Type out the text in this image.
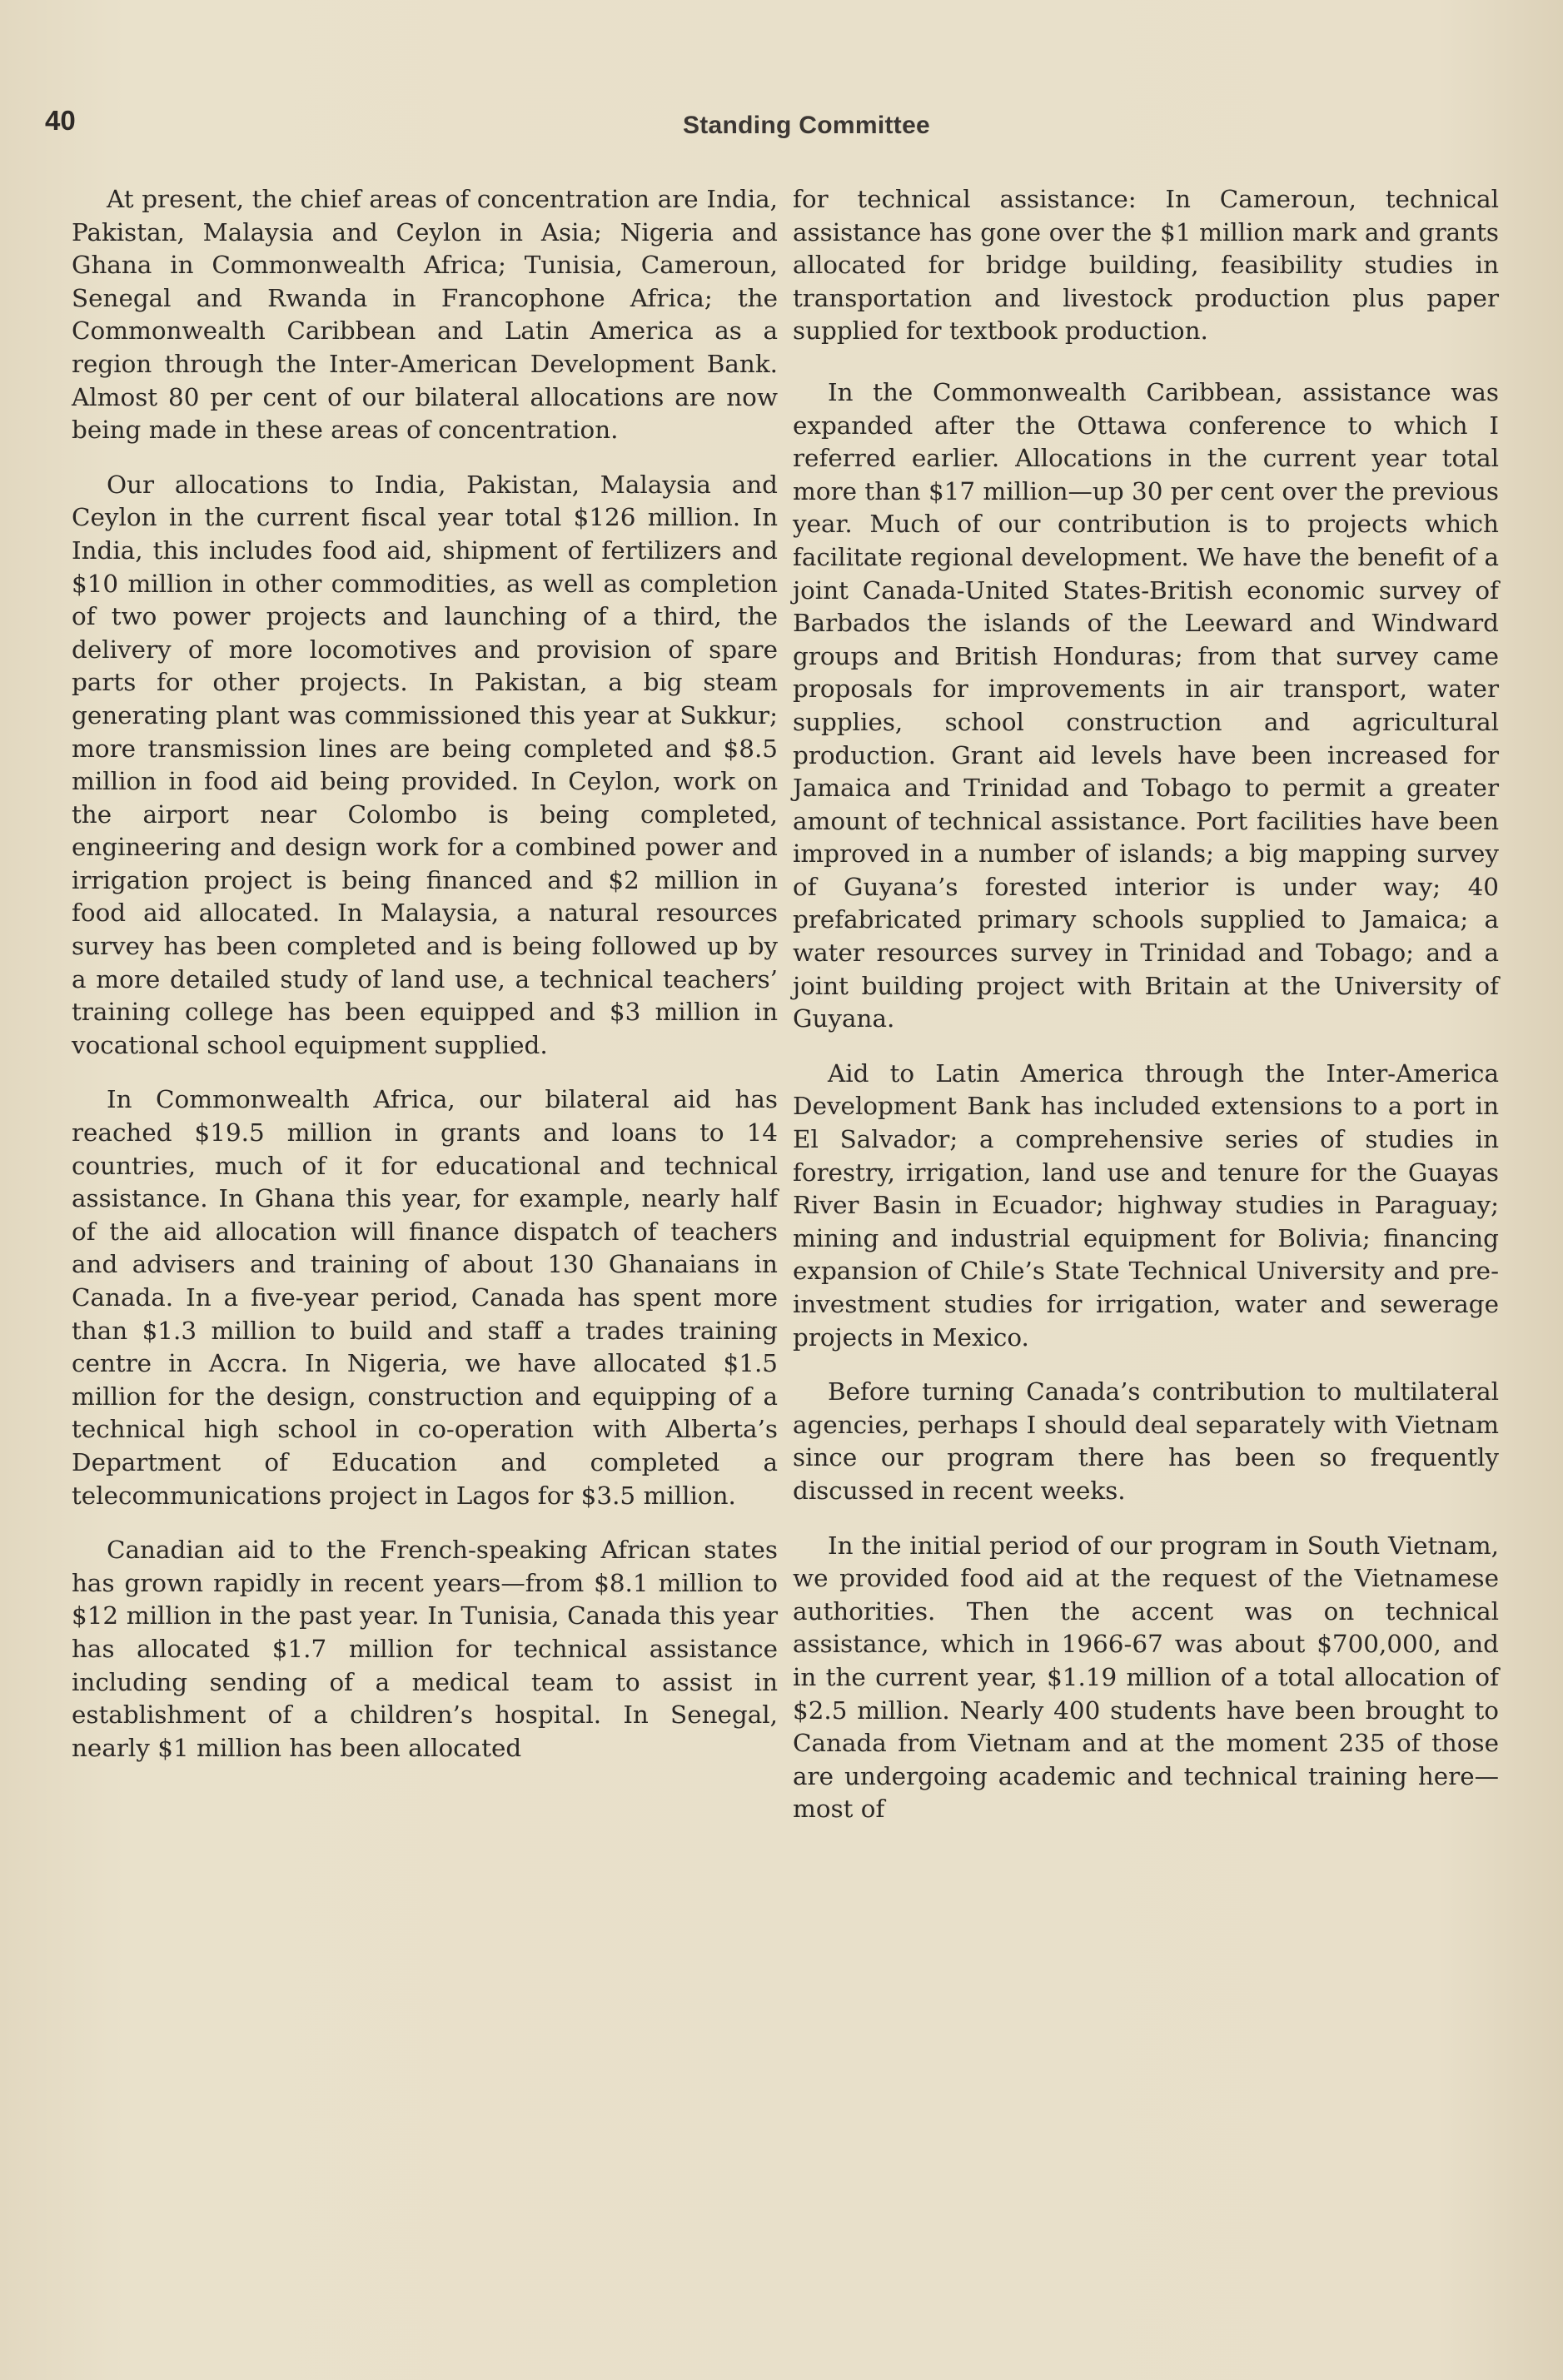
40	Standing Committee

At present, the chief areas of concentration are India, Pakistan, Malaysia and Ceylon in Asia; Nigeria and Ghana in Commonwealth Africa; Tunisia, Cameroun, Senegal and Rwanda in Francophone Africa; the Commonwealth Caribbean and Latin America as a region through the Inter-American Development Bank. Almost 80 per cent of our bilateral allocations are now being made in these areas of concentration.

Our allocations to India, Pakistan, Malaysia and Ceylon in the current fiscal year total $126 million. In India, this includes food aid, shipment of fertilizers and $10 million in other commodities, as well as completion of two power projects and launching of a third, the delivery of more locomotives and provision of spare parts for other projects. In Pakistan, a big steam generating plant was commissioned this year at Sukkur; more transmission lines are being completed and $8.5 million in food aid being provided. In Ceylon, work on the airport near Colombo is being completed, engineering and design work for a combined power and irrigation project is being financed and $2 million in food aid allocated. In Malaysia, a natural resources survey has been completed and is being followed up by a more detailed study of land use, a technical teachers’ training college has been equipped and $3 million in vocational school equipment supplied.

In Commonwealth Africa, our bilateral aid has reached $19.5 million in grants and loans to 14 countries, much of it for educational and technical assistance. In Ghana this year, for example, nearly half of the aid allocation will finance dispatch of teachers and advisers and training of about 130 Ghanaians in Canada. In a five-year period, Canada has spent more than $1.3 million to build and staff a trades training centre in Accra. In Nigeria, we have allocated $1.5 million for the design, construction and equipping of a technical high school in co-operation with Alberta’s Department of Education and completed a telecommunications project in Lagos for $3.5 million.

Canadian aid to the French-speaking African states has grown rapidly in recent years—from $8.1 million to $12 million in the past year. In Tunisia, Canada this year has allocated $1.7 million for technical assistance including sending of a medical team to assist in establishment of a children’s hospital. In Senegal, nearly $1 million has been allocated

for technical assistance: In Cameroun, technical assistance has gone over the $1 million mark and grants allocated for bridge building, feasibility studies in transportation and livestock production plus paper supplied for textbook production.

In the Commonwealth Caribbean, assistance was expanded after the Ottawa conference to which I referred earlier. Allocations in the current year total more than $17 million—up 30 per cent over the previous year. Much of our contribution is to projects which facilitate regional development. We have the benefit of a joint Canada-United States-British economic survey of Barbados the islands of the Leeward and Windward groups and British Honduras; from that survey came proposals for improvements in air transport, water supplies, school construction and agricultural production. Grant aid levels have been increased for Jamaica and Trinidad and Tobago to permit a greater amount of technical assistance. Port facilities have been improved in a number of islands; a big mapping survey of Guyana’s forested interior is under way; 40 prefabricated primary schools supplied to Jamaica; a water resources survey in Trinidad and Tobago; and a joint building project with Britain at the University of Guyana.

Aid to Latin America through the Inter-America Development Bank has included extensions to a port in El Salvador; a comprehensive series of studies in forestry, irrigation, land use and tenure for the Guayas River Basin in Ecuador; highway studies in Paraguay; mining and industrial equipment for Bolivia; financing expansion of Chile’s State Technical University and pre-investment studies for irrigation, water and sewerage projects in Mexico.

Before turning Canada’s contribution to multilateral agencies, perhaps I should deal separately with Vietnam since our program there has been so frequently discussed in recent weeks.

In the initial period of our program in South Vietnam, we provided food aid at the request of the Vietnamese authorities. Then the accent was on technical assistance, which in 1966-67 was about $700,000, and in the current year, $1.19 million of a total allocation of $2.5 million. Nearly 400 students have been brought to Canada from Vietnam and at the moment 235 of those are undergoing academic and technical training here—most of
